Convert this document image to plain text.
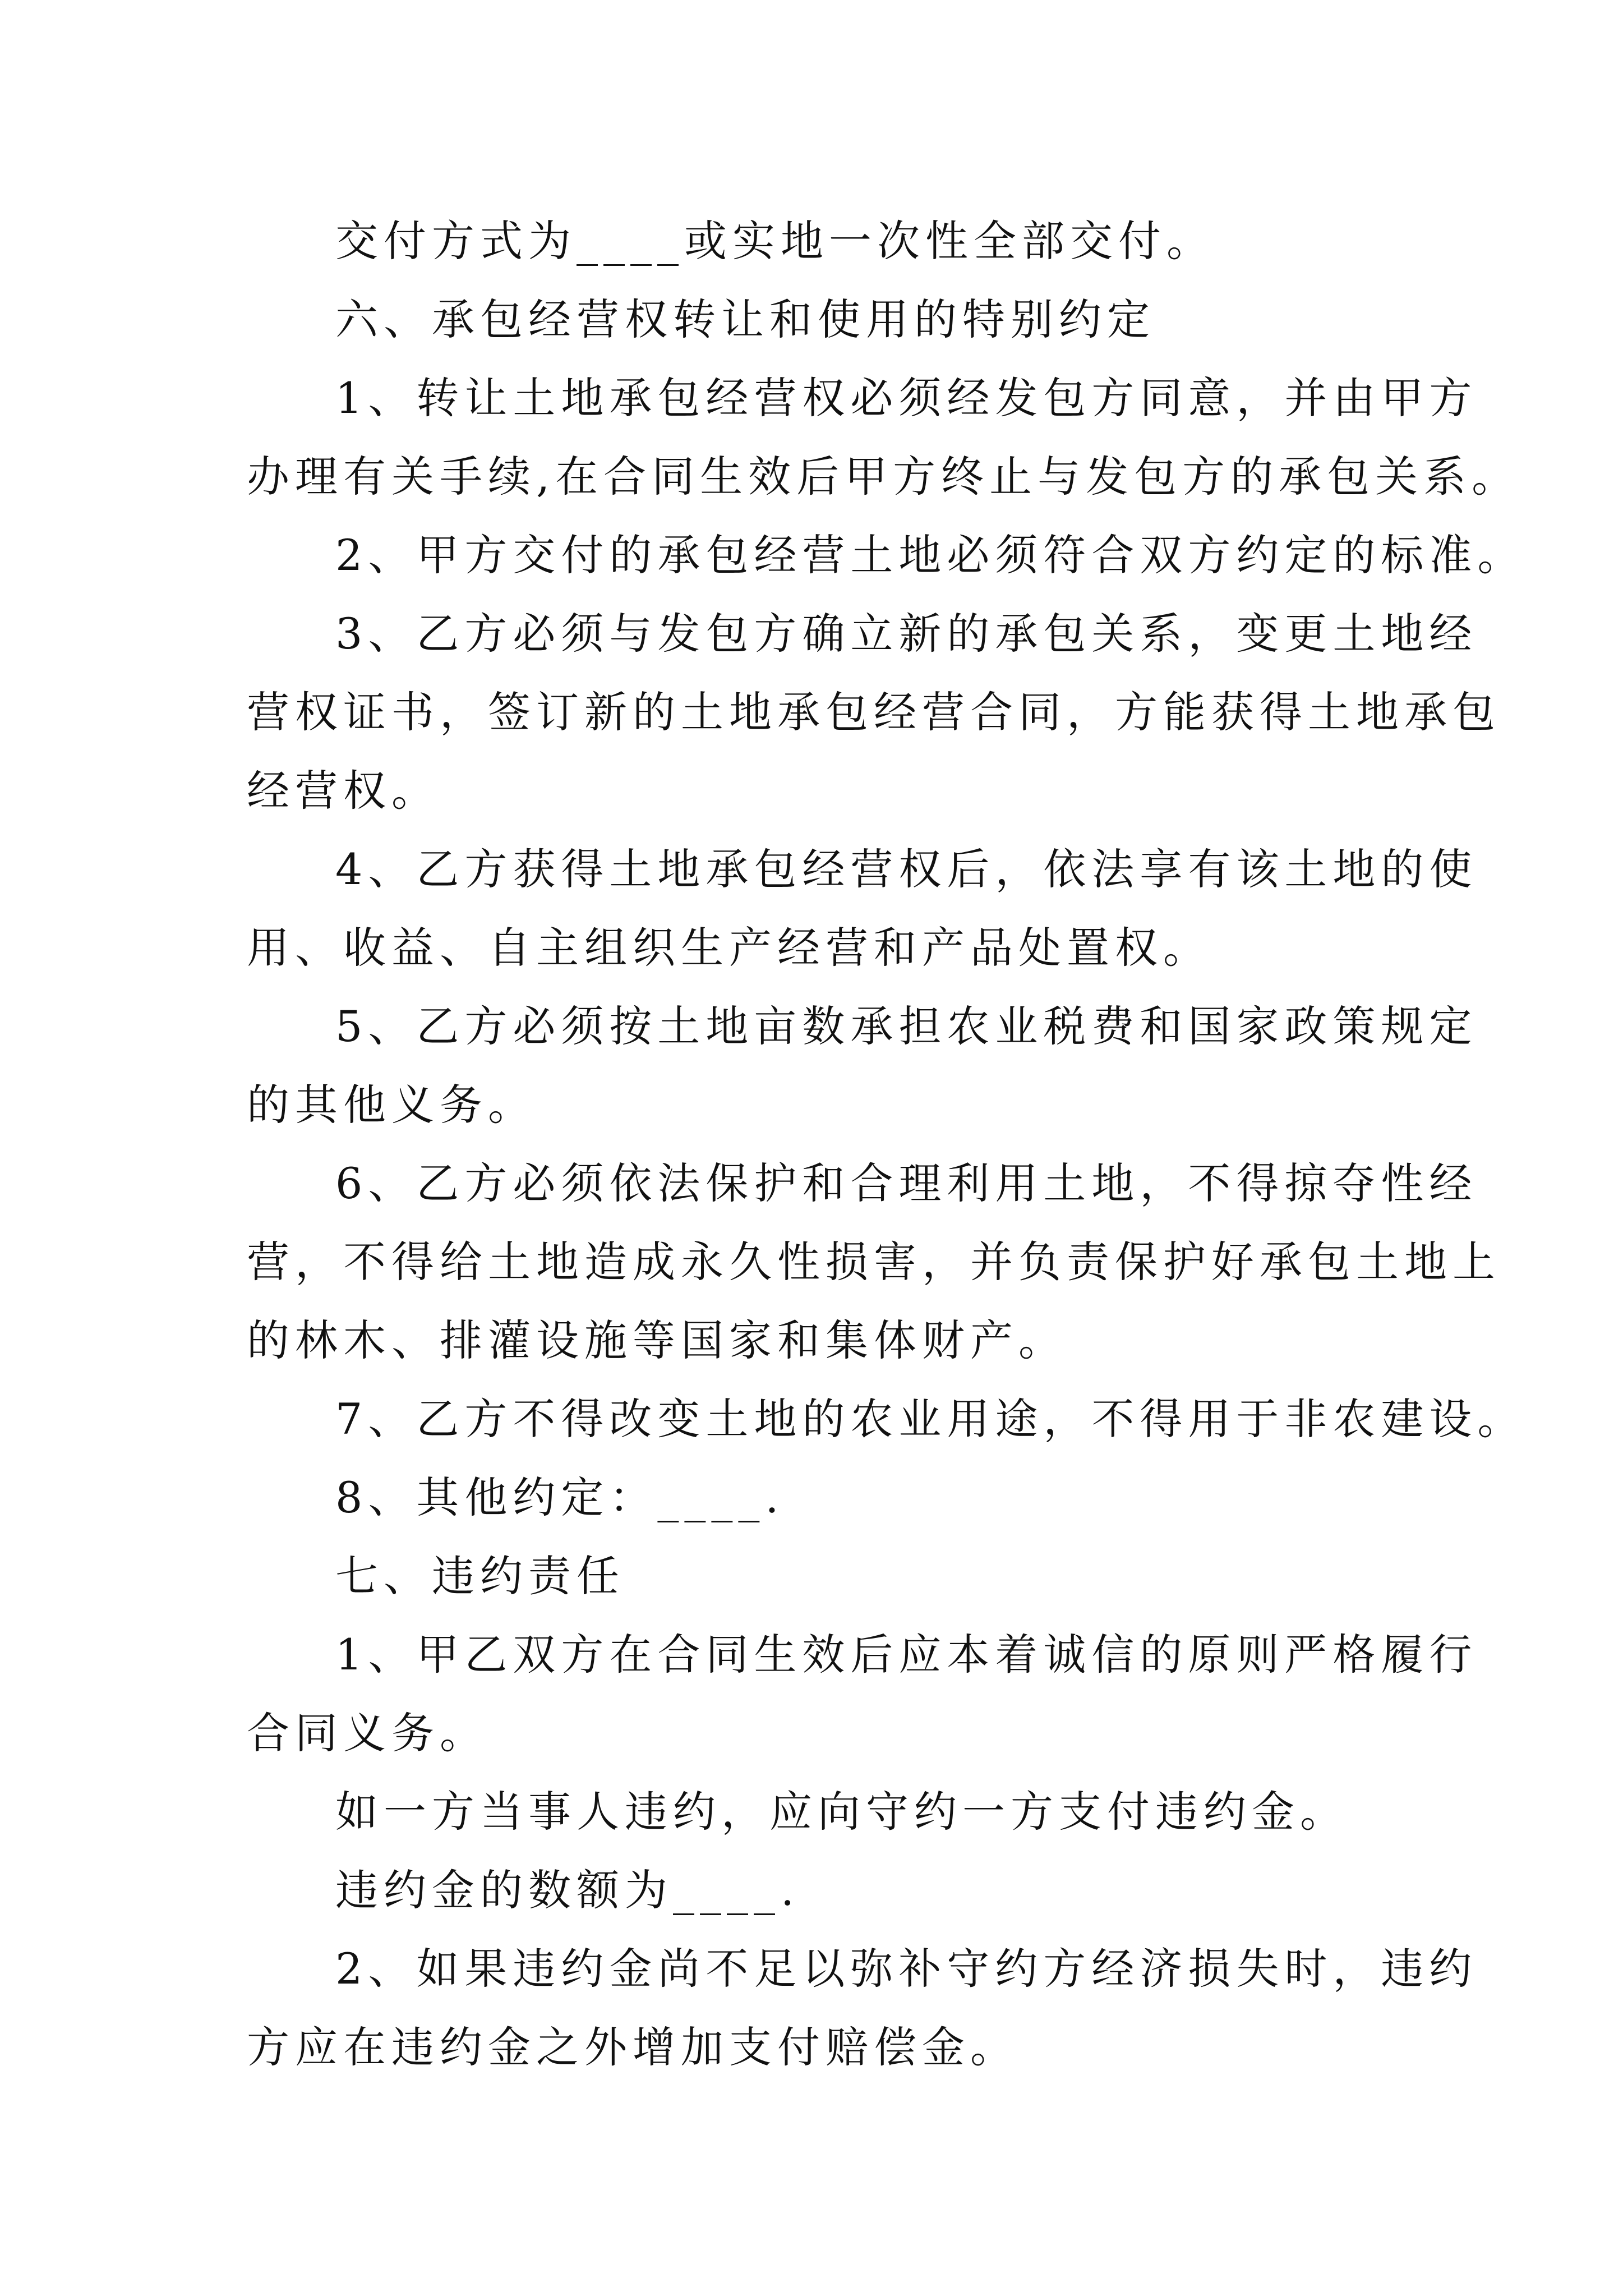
交付方式为____或实地一次性全部交付。
六、承包经营权转让和使用的特别约定
1、转让土地承包经营权必须经发包方同意，并由甲方
办理有关手续,在合同生效后甲方终止与发包方的承包关系。
2、甲方交付的承包经营土地必须符合双方约定的标准。
3、乙方必须与发包方确立新的承包关系，变更土地经
营权证书，签订新的土地承包经营合同，方能获得土地承包
经营权。
4、乙方获得土地承包经营权后，依法享有该土地的使
用、收益、自主组织生产经营和产品处置权。
5、乙方必须按土地亩数承担农业税费和国家政策规定
的其他义务。
6、乙方必须依法保护和合理利用土地，不得掠夺性经
营，不得给土地造成永久性损害，并负责保护好承包土地上
的林木、排灌设施等国家和集体财产。
7、乙方不得改变土地的农业用途，不得用于非农建设。
8、其他约定：____.
七、违约责任
1、甲乙双方在合同生效后应本着诚信的原则严格履行
合同义务。
如一方当事人违约，应向守约一方支付违约金。
违约金的数额为____.
2、如果违约金尚不足以弥补守约方经济损失时，违约
方应在违约金之外增加支付赔偿金。
